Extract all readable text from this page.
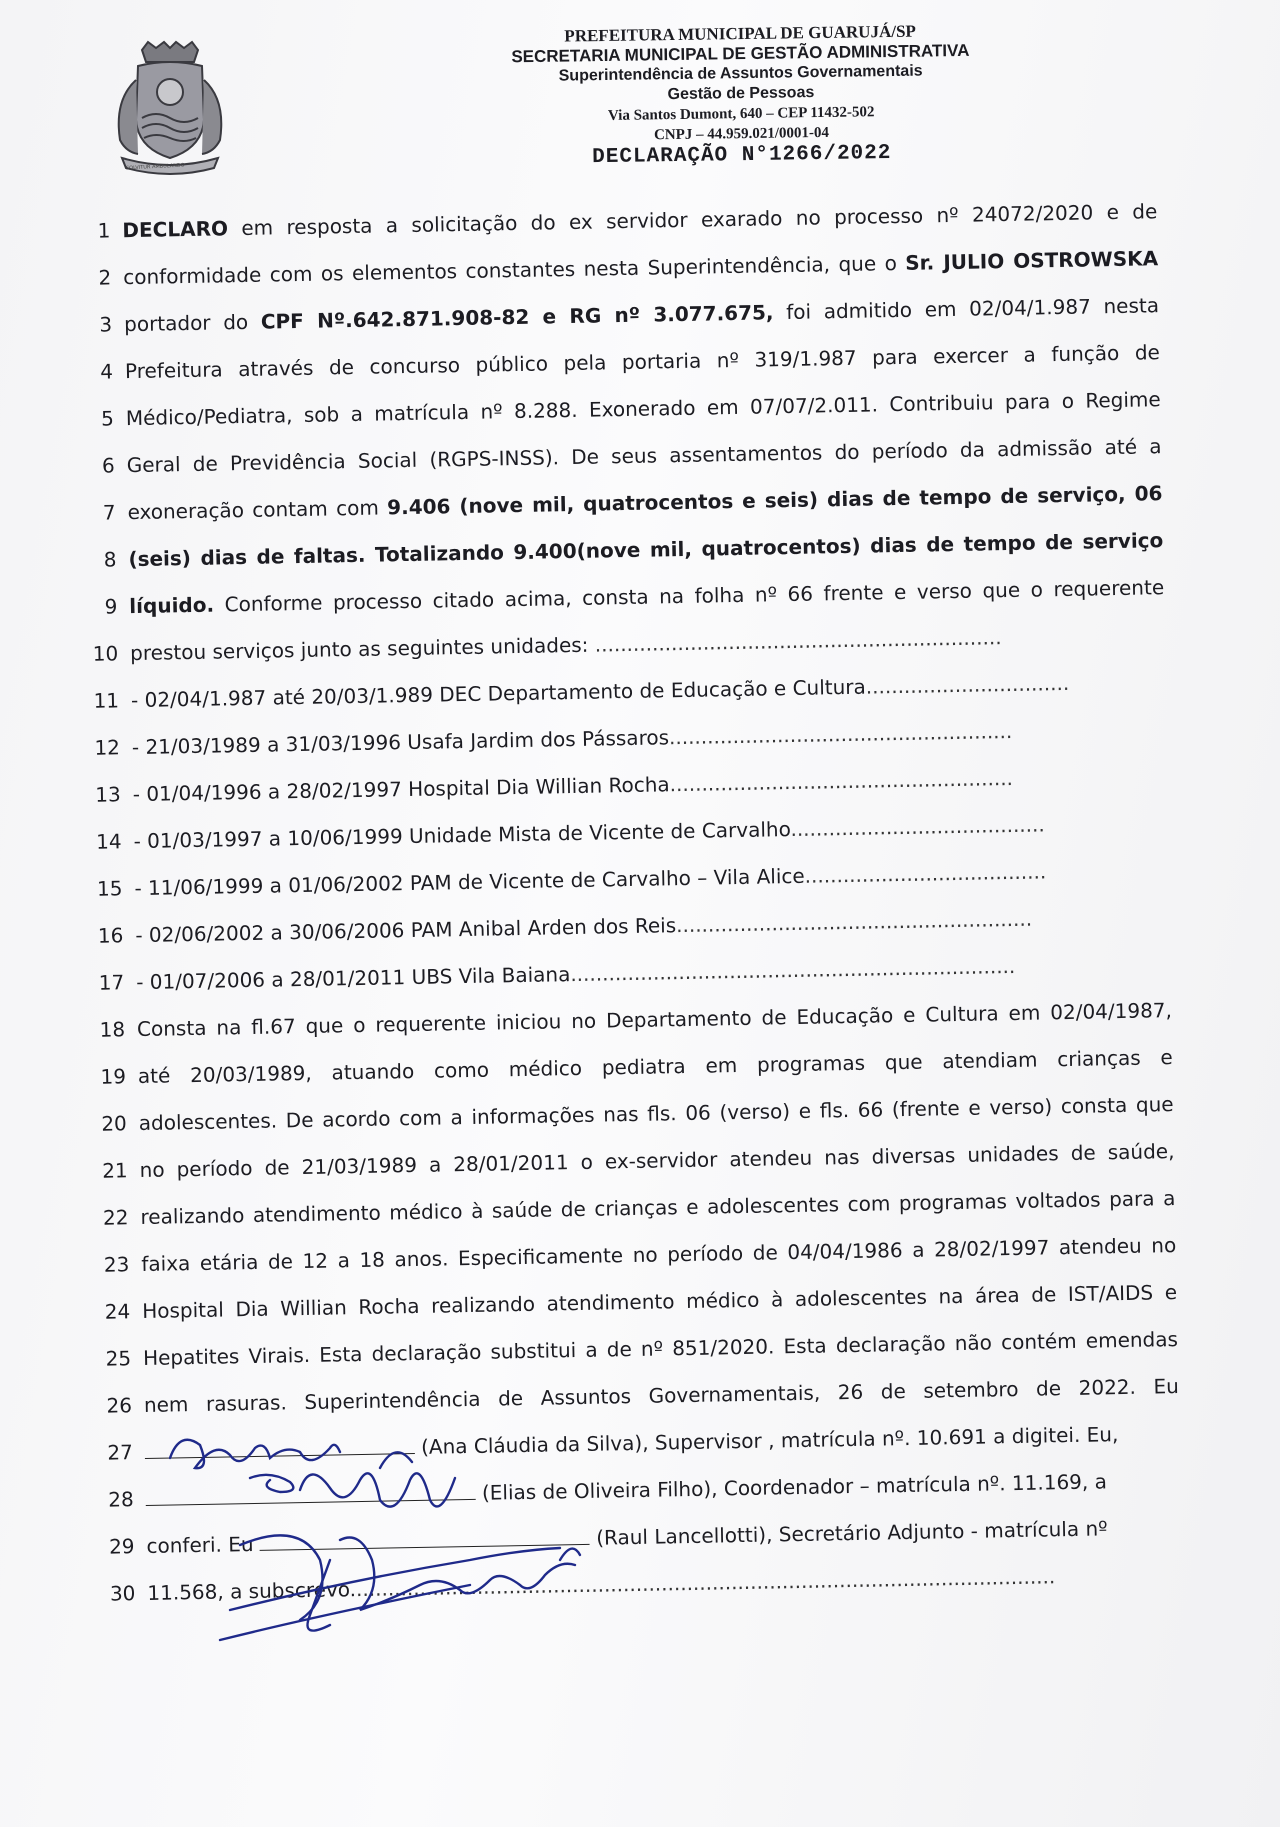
SOLVITUR AMBULANDO
PREFEITURA MUNICIPAL DE GUARUJÁ/SP
SECRETARIA MUNICIPAL DE GESTÃO ADMINISTRATIVA
Superintendência de Assuntos Governamentais
Gestão de Pessoas
Via Santos Dumont, 640 – CEP 11432-502
CNPJ – 44.959.021/0001-04
DECLARAÇÃO N°1266/2022
1 DECLARO em resposta a solicitação do ex servidor exarado no processo nº 24072/2020 e de
2 conformidade com os elementos constantes nesta Superintendência, que o Sr. JULIO OSTROWSKA
3 portador do CPF Nº.642.871.908-82 e RG nº 3.077.675, foi admitido em 02/04/1.987 nesta
4 Prefeitura através de concurso público pela portaria nº 319/1.987 para exercer a função de
5 Médico/Pediatra, sob a matrícula nº 8.288. Exonerado em 07/07/2.011. Contribuiu para o Regime
6 Geral de Previdência Social (RGPS-INSS). De seus assentamentos do período da admissão até a
7 exoneração contam com 9.406 (nove mil, quatrocentos e seis) dias de tempo de serviço, 06
8 (seis) dias de faltas. Totalizando 9.400(nove mil, quatrocentos) dias de tempo de serviço
9 líquido. Conforme processo citado acima, consta na folha nº 66 frente e verso que o requerente
10 prestou serviços junto as seguintes unidades: ................................................................
11- 02/04/1.987 até 20/03/1.989 DEC Departamento de Educação e Cultura................................
12- 21/03/1989 a 31/03/1996 Usafa Jardim dos Pássaros......................................................
13- 01/04/1996 a 28/02/1997 Hospital Dia Willian Rocha......................................................
14- 01/03/1997 a 10/06/1999 Unidade Mista de Vicente de Carvalho........................................
15- 11/06/1999 a 01/06/2002 PAM de Vicente de Carvalho – Vila Alice......................................
16- 02/06/2002 a 30/06/2006 PAM Anibal Arden dos Reis........................................................
17- 01/07/2006 a 28/01/2011 UBS Vila Baiana......................................................................
18Consta na fl.67 que o requerente iniciou no Departamento de Educação e Cultura em 02/04/1987,
19 até 20/03/1989, atuando como médico pediatra em programas que atendiam crianças e
20 adolescentes. De acordo com a informações nas fls. 06 (verso) e fls. 66 (frente e verso) consta que
21 no período de 21/03/1989 a 28/01/2011 o ex-servidor atendeu nas diversas unidades de saúde,
22 realizando atendimento médico à saúde de crianças e adolescentes com programas voltados para a
23 faixa etária de 12 a 18 anos. Especificamente no período de 04/04/1986 a 28/02/1997 atendeu no
24 Hospital Dia Willian Rocha realizando atendimento médico à adolescentes na área de IST/AIDS e
25 Hepatites Virais. Esta declaração substitui a de nº 851/2020. Esta declaração não contém emendas
26 nem rasuras. Superintendência de Assuntos Governamentais, 26 de setembro de 2022. Eu
27	(Ana Cláudia da Silva), Supervisor , matrícula nº. 10.691 a digitei. Eu,
28	(Elias de Oliveira Filho), Coordenador – matrícula nº. 11.169, a
29 conferi. Eu	(Raul Lancellotti), Secretário Adjunto - matrícula nº
30 11.568, a subscrevo...............................................................................................................
